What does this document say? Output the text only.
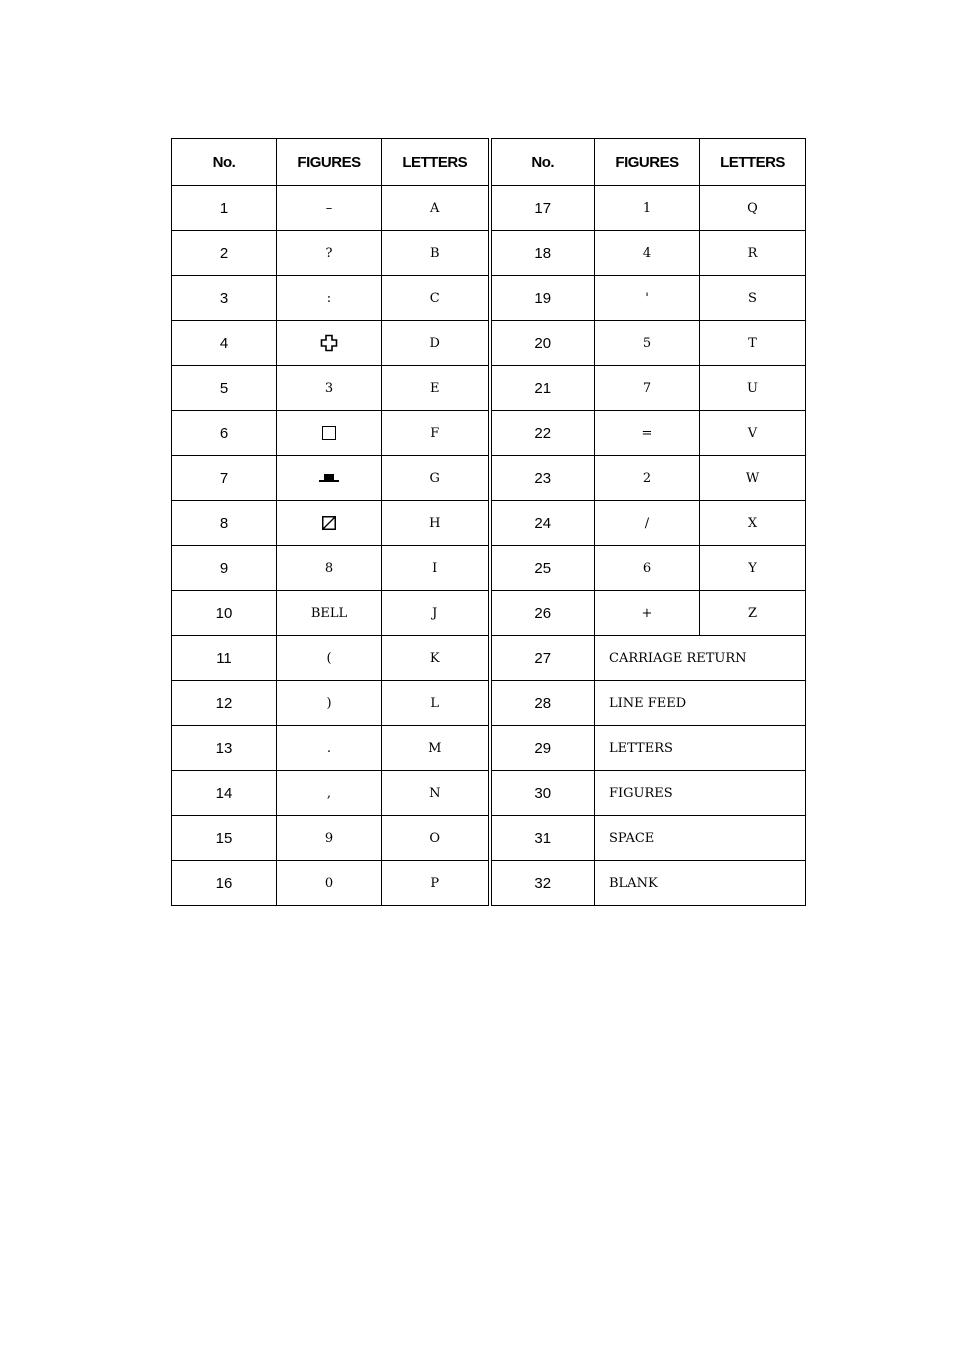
No.	FIGURES	LETTERS	No.	FIGURES	LETTERS
1	–	A	17	1	Q
2	?	B	18	4	R
3	:	C	19	'	S
4		D	20	5	T
5	3	E	21	7	U
6		F	22	=	V
7		G	23	2	W
8		H	24	/	X
9	8	I	25	6	Y
10	BELL	J	26	+	Z
11	(	K	27	CARRIAGE RETURN	
12	)	L	28	LINE FEED	
13	.	M	29	LETTERS	
14	,	N	30	FIGURES	
15	9	O	31	SPACE	
16	0	P	32	BLANK	
